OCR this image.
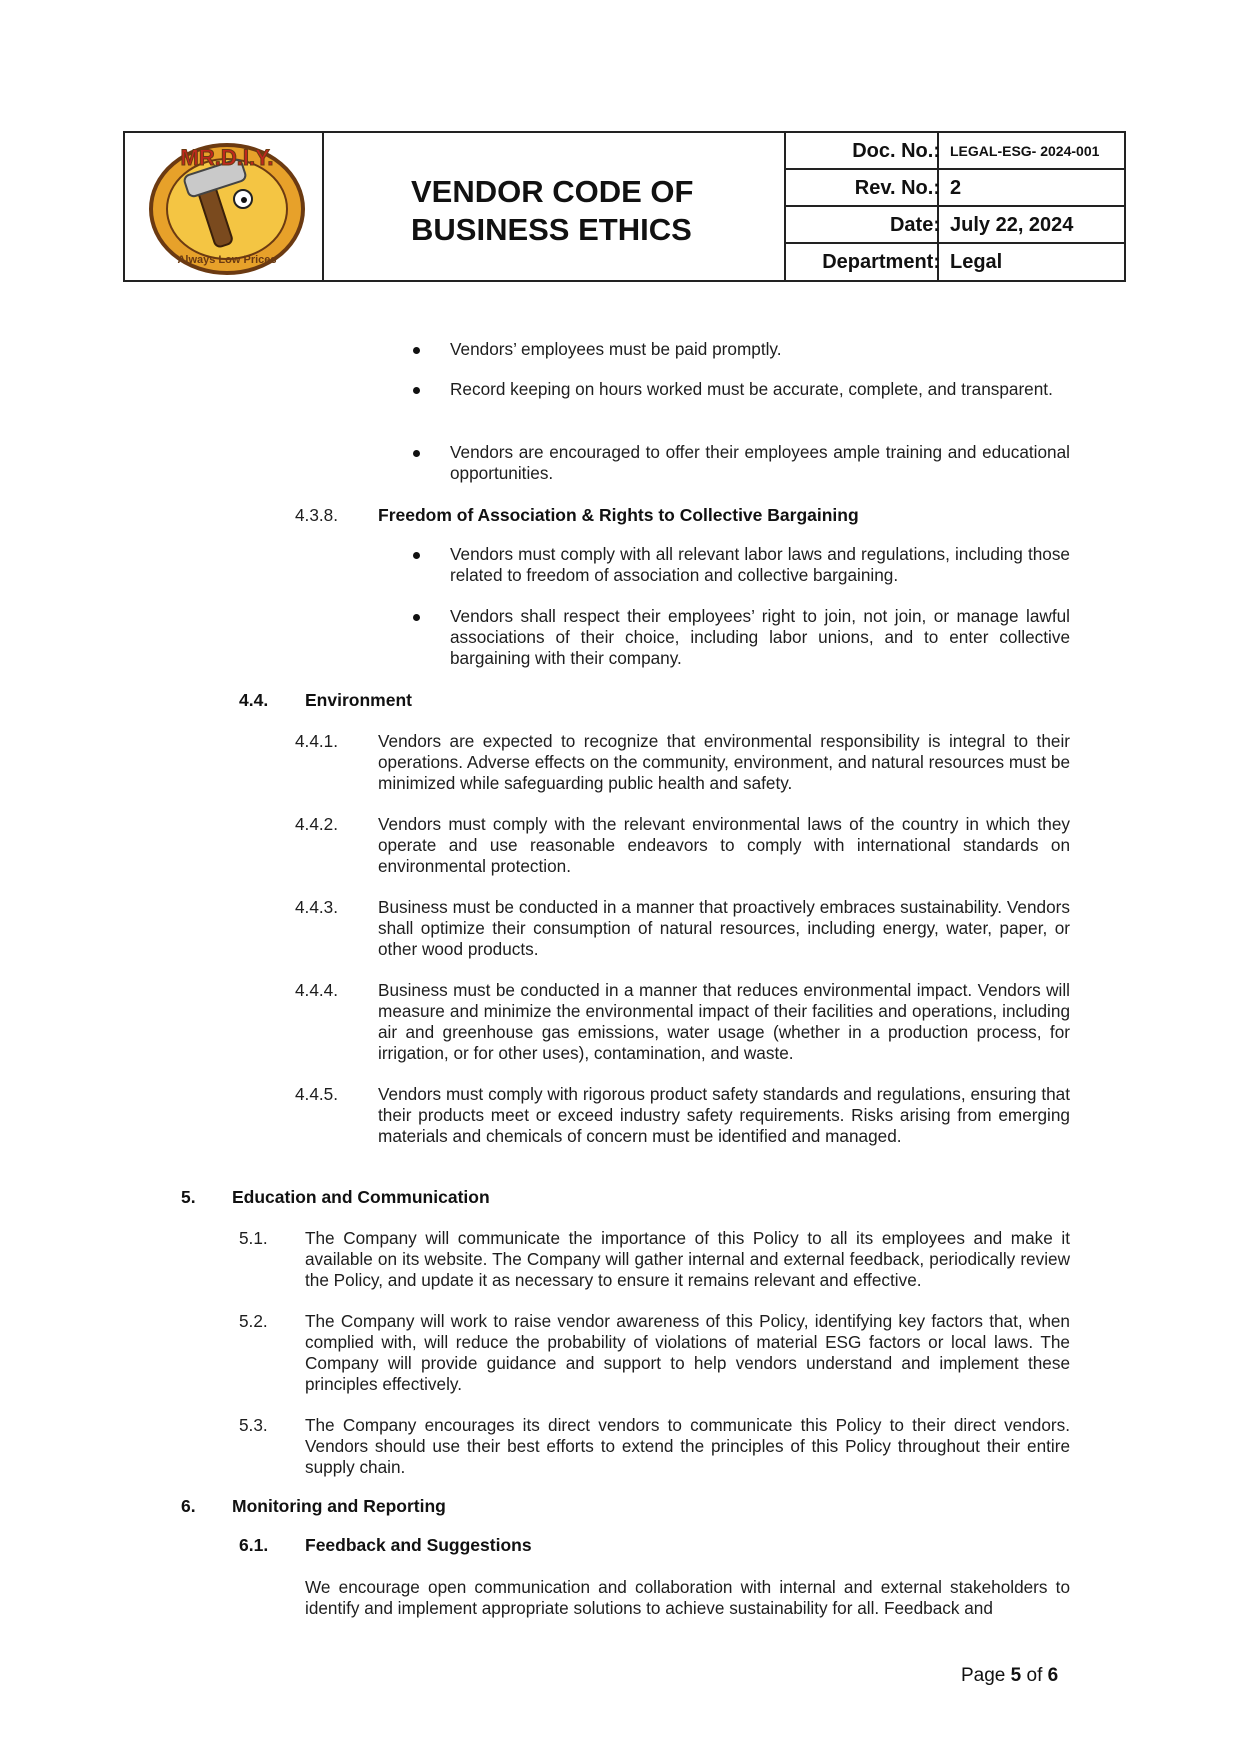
MR.D.I.Y.
Always Low Prices
VENDOR CODE OF
BUSINESS ETHICS
Doc. No.: LEGAL-ESG- 2024-001
Rev. No.: 2
Date: July 22, 2024
Department: Legal
Vendors’ employees must be paid promptly.
Record keeping on hours worked must be accurate, complete, and transparent.
Vendors are encouraged to offer their employees ample training and educational opportunities.
4.3.8. Freedom of Association & Rights to Collective Bargaining
Vendors must comply with all relevant labor laws and regulations, including those related to freedom of association and collective bargaining.
Vendors shall respect their employees’ right to join, not join, or manage lawful associations of their choice, including labor unions, and to enter collective bargaining with their company.
4.4. Environment
4.4.1. Vendors are expected to recognize that environmental responsibility is integral to their operations. Adverse effects on the community, environment, and natural resources must be minimized while safeguarding public health and safety.
4.4.2. Vendors must comply with the relevant environmental laws of the country in which they operate and use reasonable endeavors to comply with international standards on environmental protection.
4.4.3. Business must be conducted in a manner that proactively embraces sustainability. Vendors shall optimize their consumption of natural resources, including energy, water, paper, or other wood products.
4.4.4. Business must be conducted in a manner that reduces environmental impact. Vendors will measure and minimize the environmental impact of their facilities and operations, including air and greenhouse gas emissions, water usage (whether in a production process, for irrigation, or for other uses), contamination, and waste.
4.4.5. Vendors must comply with rigorous product safety standards and regulations, ensuring that their products meet or exceed industry safety requirements. Risks arising from emerging materials and chemicals of concern must be identified and managed.
5. Education and Communication
5.1. The Company will communicate the importance of this Policy to all its employees and make it available on its website. The Company will gather internal and external feedback, periodically review the Policy, and update it as necessary to ensure it remains relevant and effective.
5.2. The Company will work to raise vendor awareness of this Policy, identifying key factors that, when complied with, will reduce the probability of violations of material ESG factors or local laws. The Company will provide guidance and support to help vendors understand and implement these principles effectively.
5.3. The Company encourages its direct vendors to communicate this Policy to their direct vendors. Vendors should use their best efforts to extend the principles of this Policy throughout their entire supply chain.
6. Monitoring and Reporting
6.1. Feedback and Suggestions
We encourage open communication and collaboration with internal and external stakeholders to identify and implement appropriate solutions to achieve sustainability for all. Feedback and
Page 5 of 6
